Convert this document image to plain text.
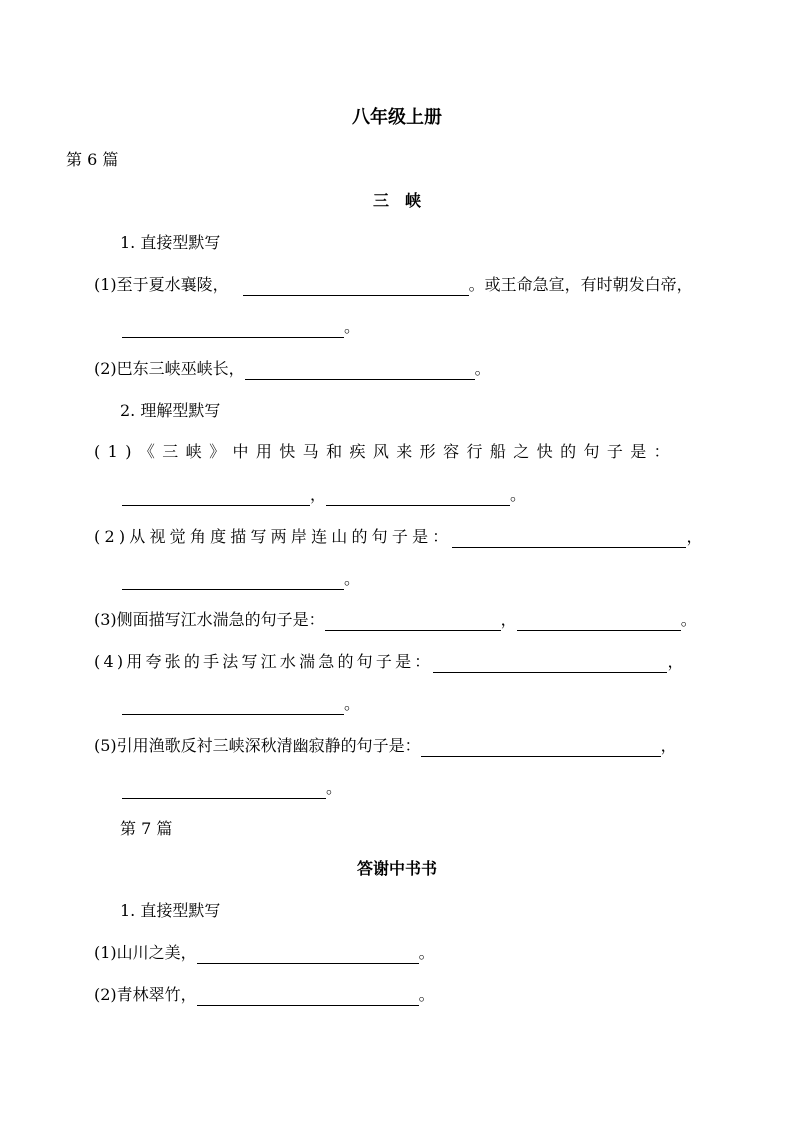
八年级上册
第 6 篇
三　峡
1. 直接型默写
(1)至于夏水襄陵，	。或王命急宣，有时朝发白帝，
。
(2)巴东三峡巫峡长，	。
2. 理解型默写
(1)《三峡》中用快马和疾风来形容行船之快的句子是：
，	。
(2)从视觉角度描写两岸连山的句子是：	，
。
(3)侧面描写江水湍急的句子是：	，	。
(4)用夸张的手法写江水湍急的句子是：	，
。
(5)引用渔歌反衬三峡深秋清幽寂静的句子是：	，
。
第 7 篇
答谢中书书
1. 直接型默写
(1)山川之美，	。
(2)青林翠竹，	。
